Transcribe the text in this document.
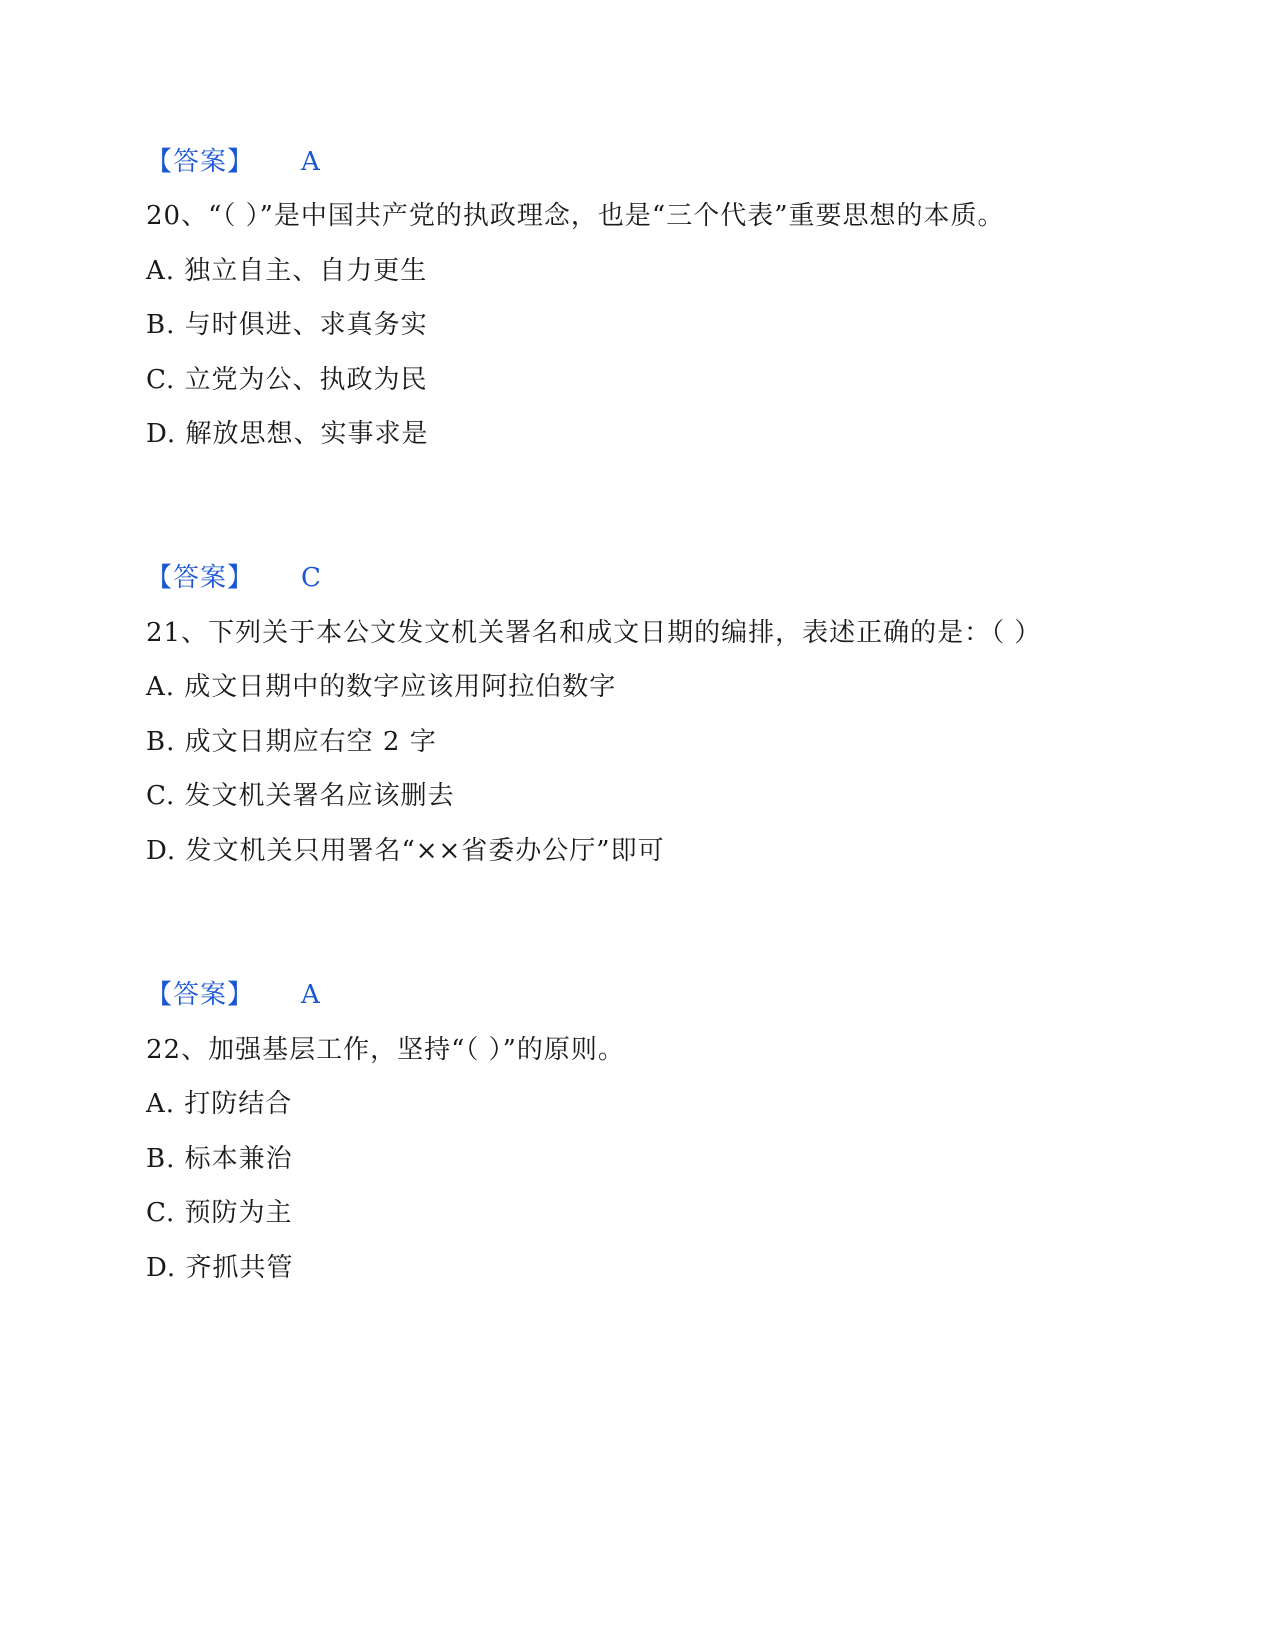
【答案】 A
20、“（ ）”是中国共产党的执政理念，也是“三个代表”重要思想的本质。
A. 独立自主、自力更生
B. 与时俱进、求真务实
C. 立党为公、执政为民
D. 解放思想、实事求是
【答案】 C
21、下列关于本公文发文机关署名和成文日期的编排，表述正确的是：（ ）
A. 成文日期中的数字应该用阿拉伯数字
B. 成文日期应右空 2 字
C. 发文机关署名应该删去
D. 发文机关只用署名“××省委办公厅”即可
【答案】 A
22、加强基层工作，坚持“（ ）”的原则。
A. 打防结合
B. 标本兼治
C. 预防为主
D. 齐抓共管
